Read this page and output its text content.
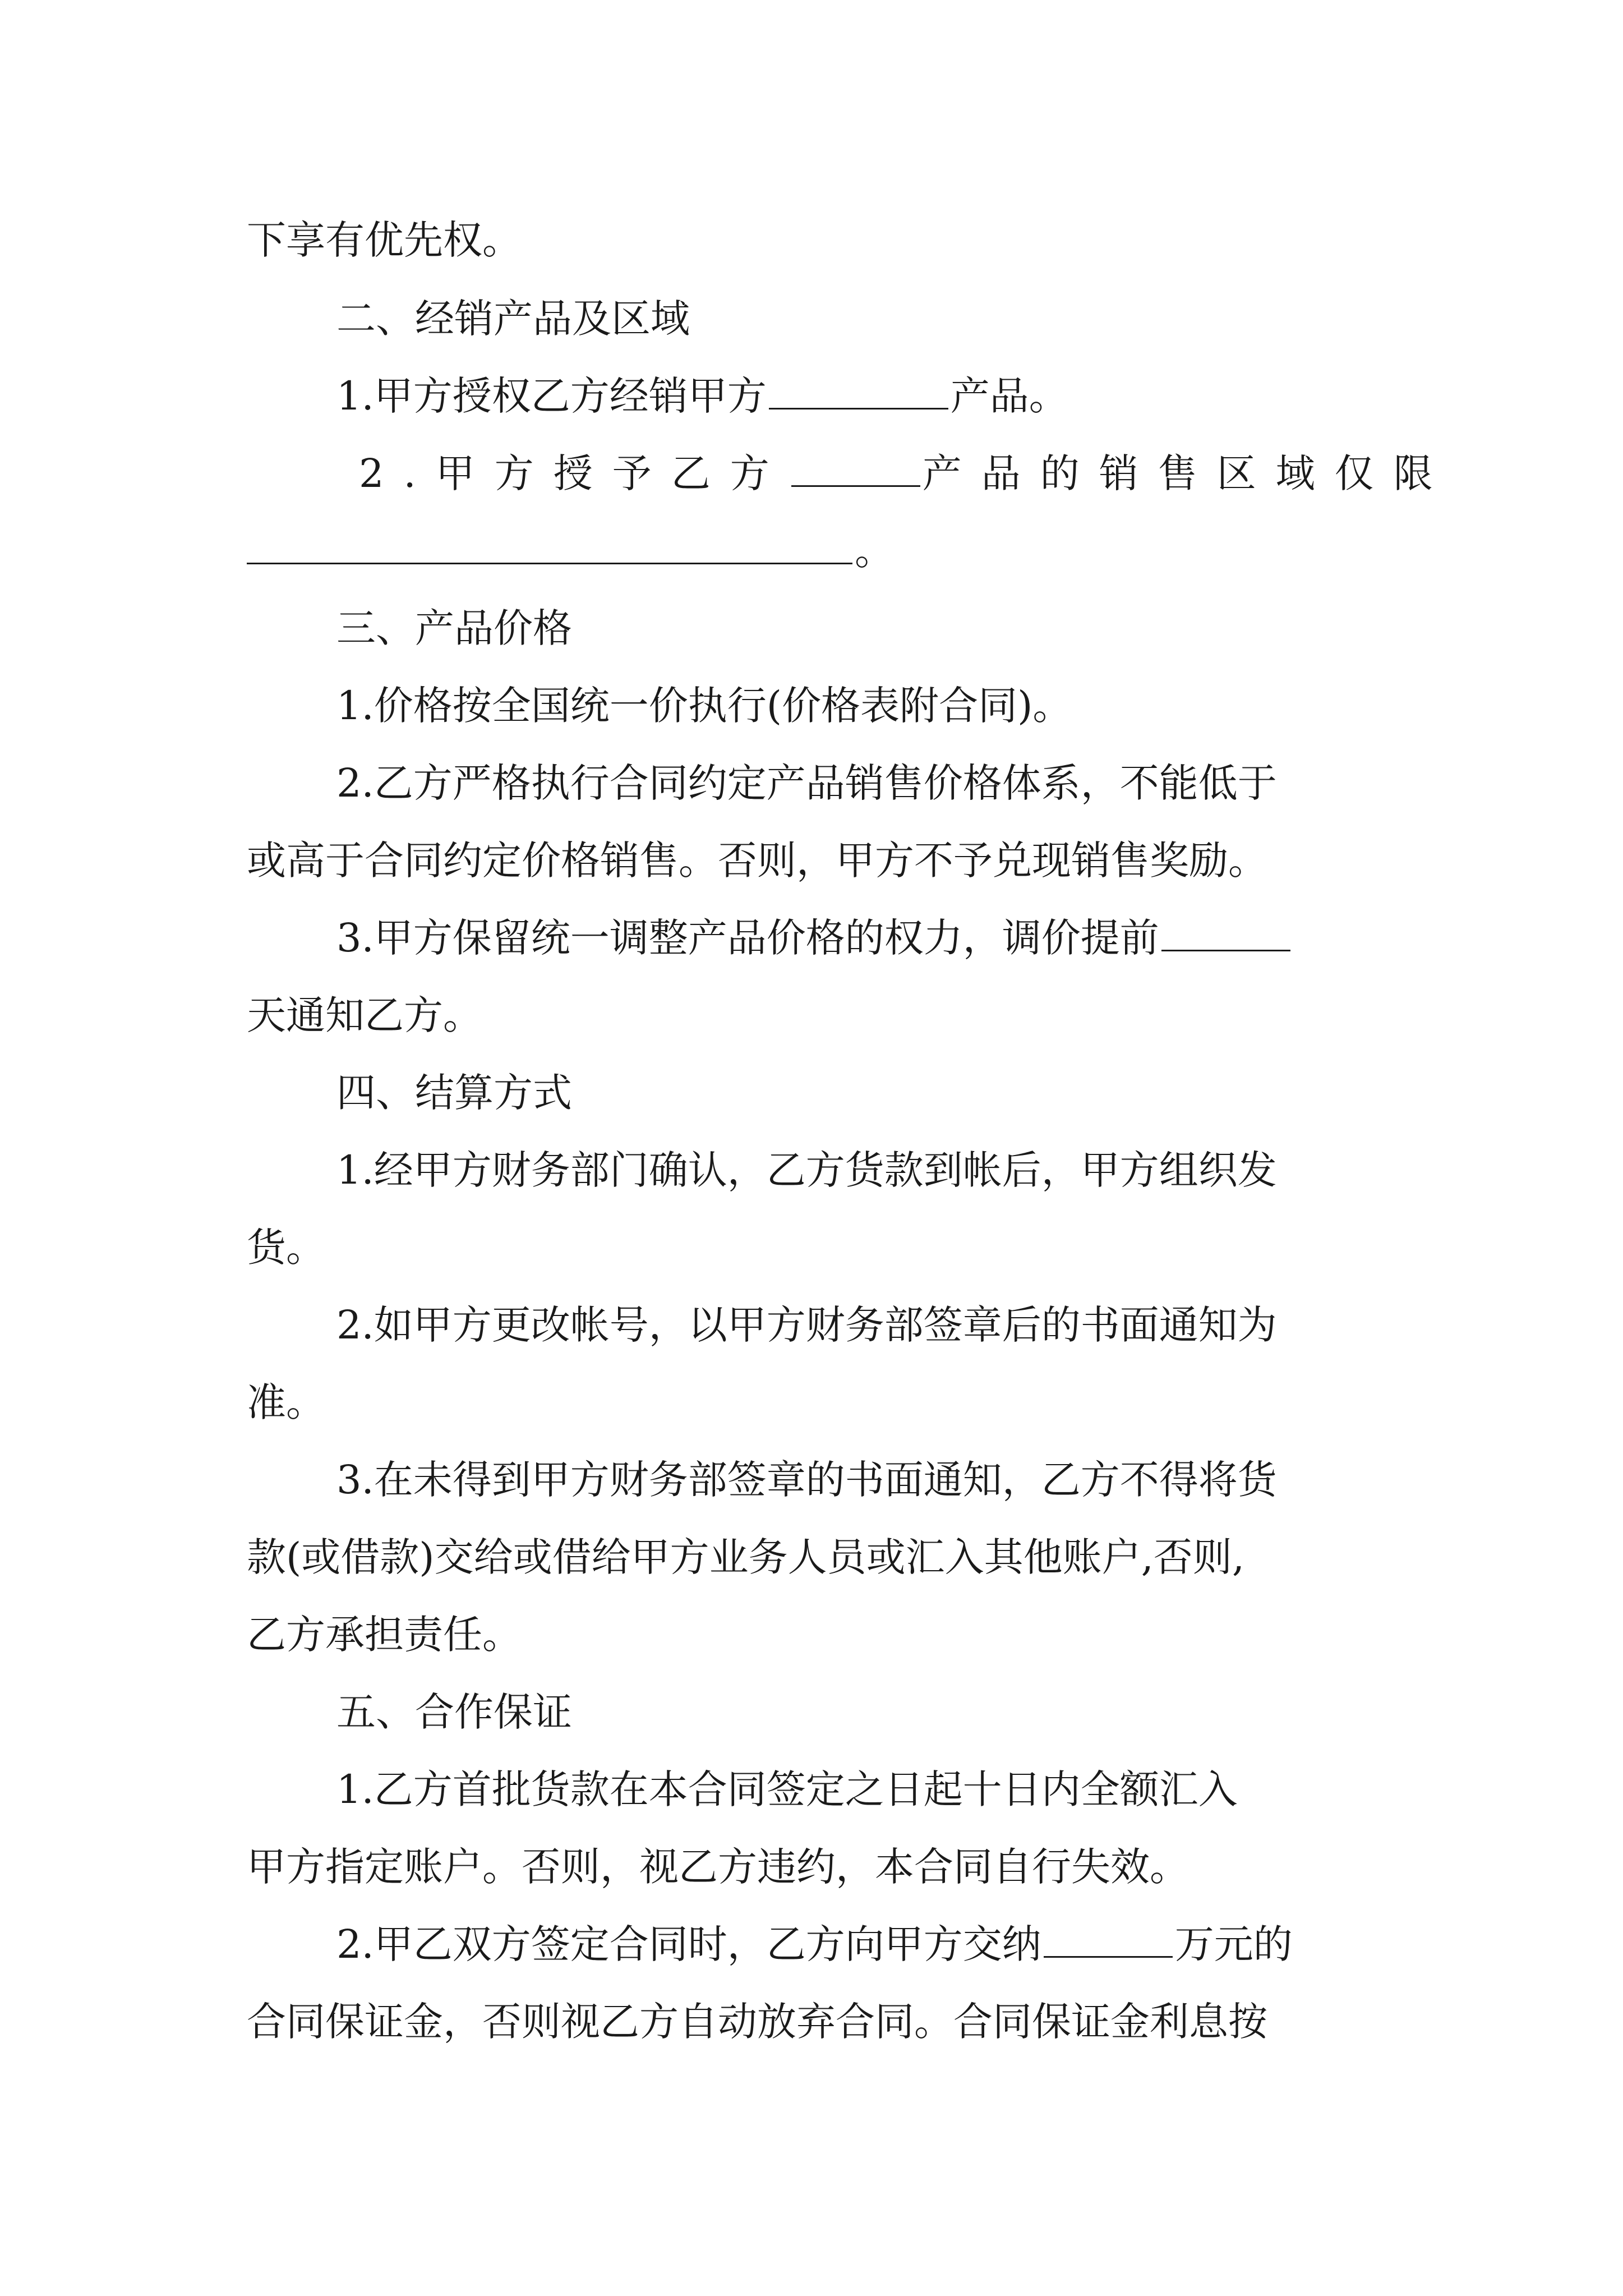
下享有优先权。
二、经销产品及区域
1.甲方授权乙方经销甲方	产品。
2.甲方授予乙方	产品的销售区域仅限
。
三、产品价格
1.价格按全国统一价执行(价格表附合同)。
2.乙方严格执行合同约定产品销售价格体系，不能低于
或高于合同约定价格销售。否则，甲方不予兑现销售奖励。
3.甲方保留统一调整产品价格的权力，调价提前
天通知乙方。
四、结算方式
1.经甲方财务部门确认，乙方货款到帐后，甲方组织发
货。
2.如甲方更改帐号，以甲方财务部签章后的书面通知为
准。
3.在未得到甲方财务部签章的书面通知，乙方不得将货
款(或借款)交给或借给甲方业务人员或汇入其他账户,否则,
乙方承担责任。
五、合作保证
1.乙方首批货款在本合同签定之日起十日内全额汇入
甲方指定账户。否则，视乙方违约，本合同自行失效。
2.甲乙双方签定合同时，乙方向甲方交纳	万元的
合同保证金，否则视乙方自动放弃合同。合同保证金利息按
